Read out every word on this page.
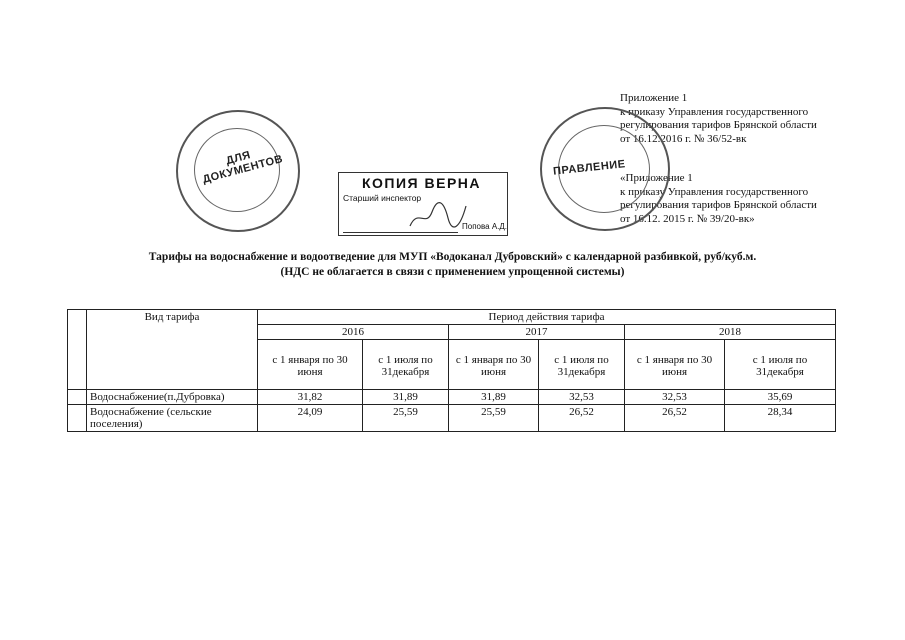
Приложение 1
к приказу Управления государственного
регулирования тарифов Брянской области
от 16.12.2016 г. № 36/52-вк
«Приложение 1
к приказу Управления государственного
регулирования тарифов Брянской области
от 16.12. 2015 г. № 39/20-вк»
ДЛЯ ДОКУМЕНТОВ	ПРАВЛЕНИЕ
КОПИЯ ВЕРНА
Старший инспектор
Попова А.Д.
Тарифы на водоснабжение и водоотведение для МУП «Водоканал Дубровский» с календарной разбивкой, руб/куб.м.
(НДС не облагается в связи с применением упрощенной системы)
	Вид тарифа	Период действия тарифа					
		2016		2017		2018	
		с 1 января по 30 июня	с 1 июля по 31декабря	с 1 января по 30 июня	с 1 июля по 31декабря	с 1 января по 30 июня	с 1 июля по 31декабря
	Водоснабжение(п.Дубровка)	31,82	31,89	31,89	32,53	32,53	35,69
	Водоснабжение (сельские поселения)	24,09	25,59	25,59	26,52	26,52	28,34
